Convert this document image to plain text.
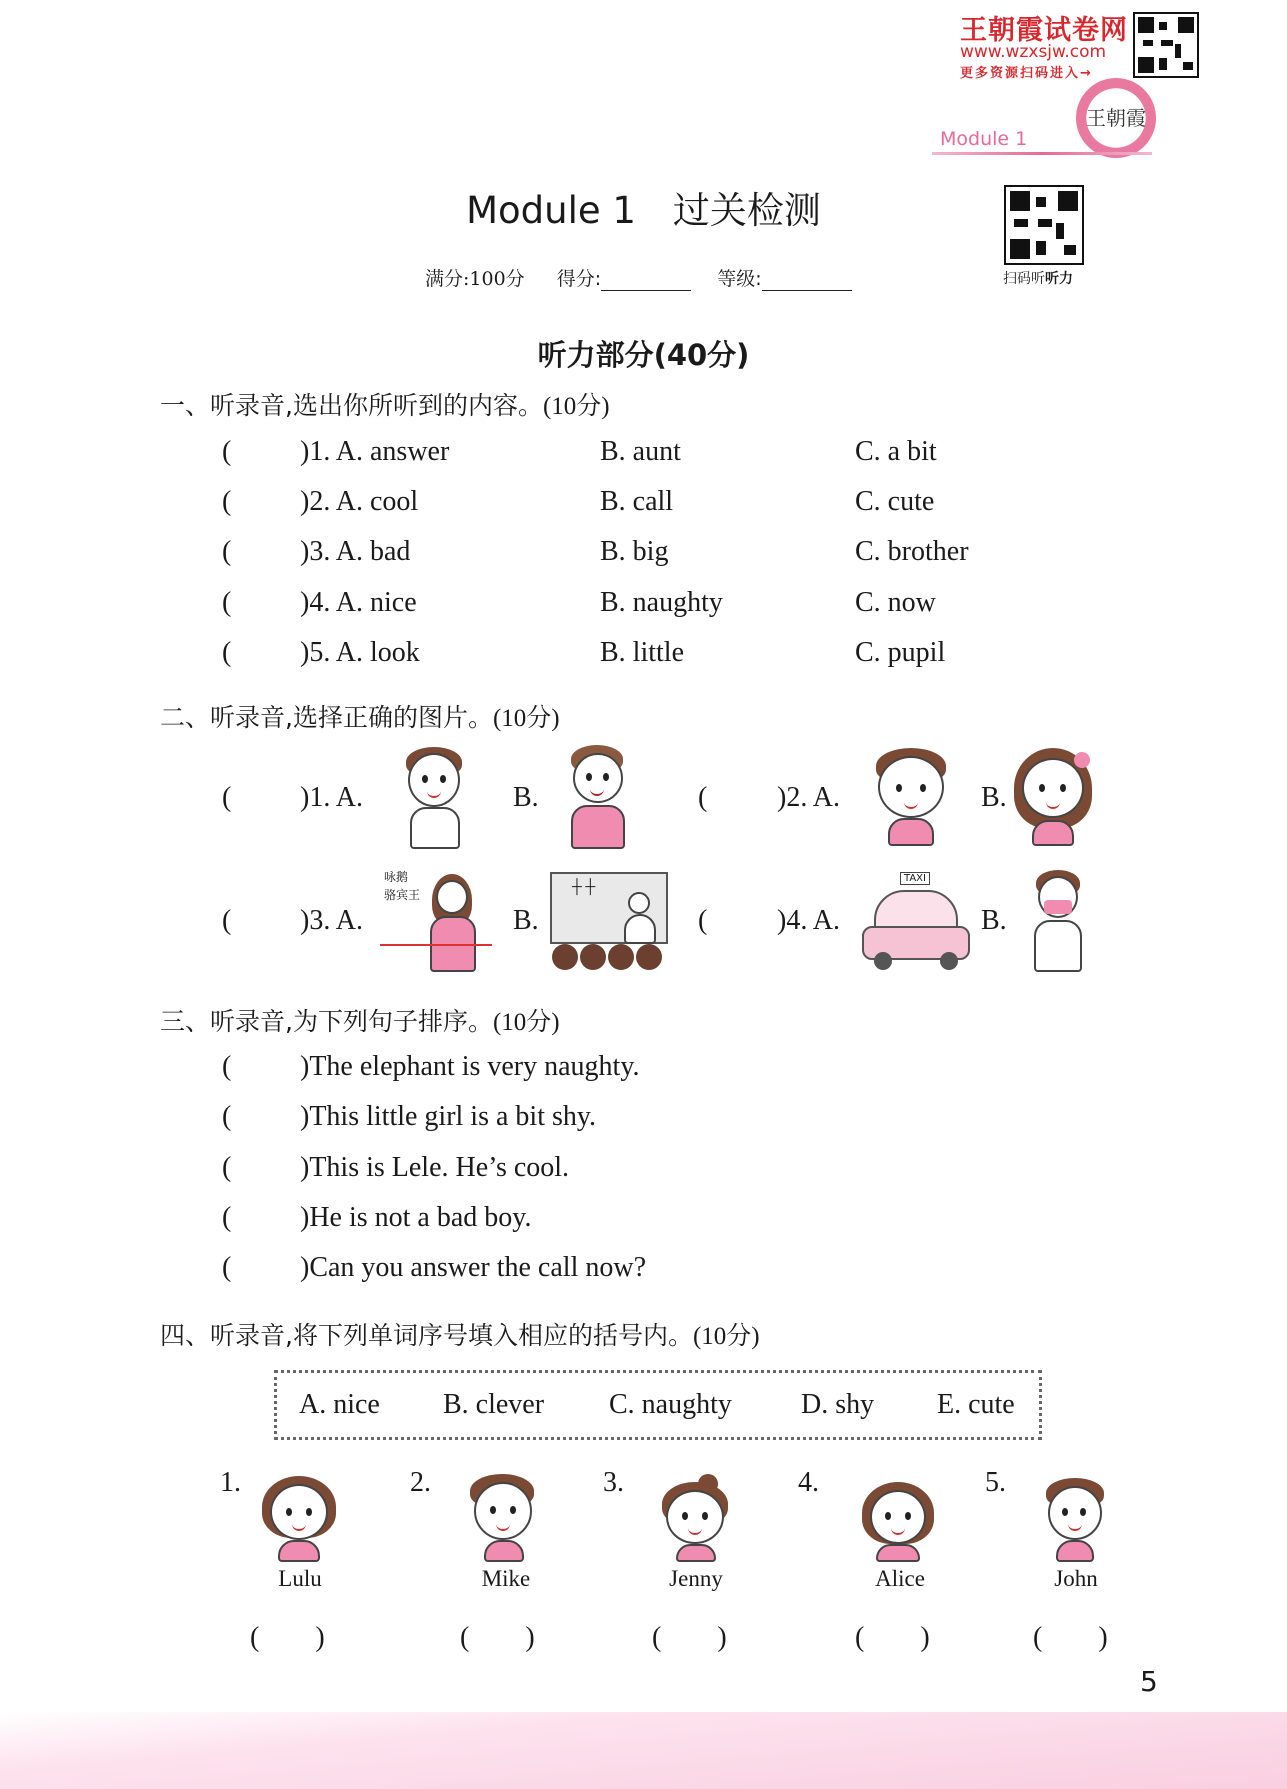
王朝霞试卷网
www.wzxsjw.com
更多资源扫码进入→
王朝霞
Module 1
Module 1　过关检测
扫码听听力
满分:100分 得分:	等级:
听力部分(40分)
一、听录音,选出你所听到的内容。(10分)
( )1. A. answer	B. aunt	C. a bit
( )2. A. cool	B. call	C. cute
( )3. A. bad	B. big	C. brother
( )4. A. nice	B. naughty	C. now
( )5. A. look	B. little	C. pupil
二、听录音,选择正确的图片。(10分)
( )1. A.	B.	( )2. A.	B.
( )3. A.	B.	( )4. A.	B.
咏鹅
骆宾王	┼ ┼
TAXI
三、听录音,为下列句子排序。(10分)
( )The elephant is very naughty.
( )This little girl is a bit shy.
( )This is Lele. He’s cool.
( )He is not a bad boy.
( )Can you answer the call now?
四、听录音,将下列单词序号填入相应的括号内。(10分)
A. nice B. clever C. naughty D. shy E. cute
1.
Lulu
(　　)
2.
Mike
(　　)
3.
Jenny
(　　)
4.
Alice
(　　)
5.
John
(　　)
5
